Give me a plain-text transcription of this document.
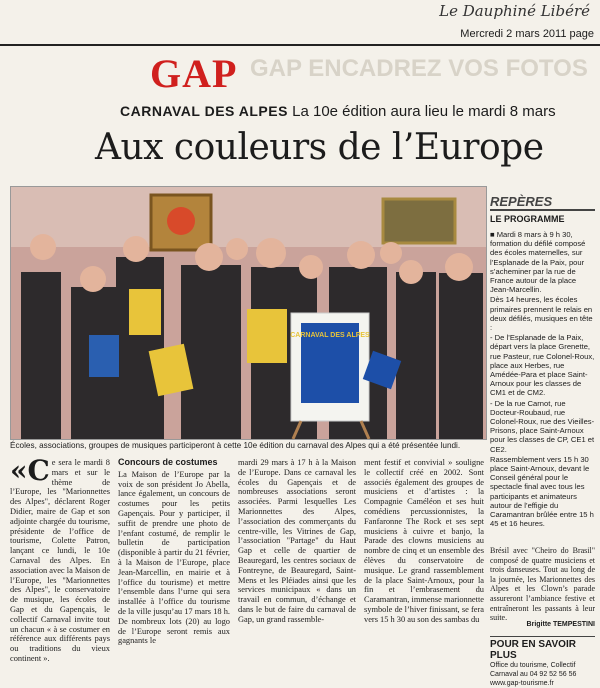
Le Dauphiné Libéré
Mercredi 2 mars 2011 page
GAP ENCADREZ VOS FOTOS
GAP
CARNAVAL DES ALPES La 10e édition aura lieu le mardi 8 mars
Aux couleurs de l’Europe
CARNAVAL DES ALPES
Écoles, associations, groupes de musiques participeront à cette 10e édition du carnaval des Alpes qui a été présentée lundi.

«Ce sera le mardi 8 mars et sur le thème de l’Europe, les "Marionnettes des Alpes", déclarent Roger Didier, maire de Gap et son adjointe chargée du tourisme, présidente de l’office de tourisme, Colette Patron, lançant ce lundi, le 10e Carnaval des Alpes. En association avec la Maison de l’Europe, les "Marionnettes des Alpes", le conservatoire de musique, les écoles de Gap et du Gapençais, le collectif Carnaval invite tout un chacun « à se costumer en référence aux différents pays ou traditions du vieux continent ».

Concours de costumes

La Maison de l’Europe par la voix de son président Jo Abella, lance également, un concours de costumes pour les petits Gapençais. Pour y participer, il suffit de prendre une photo de l’enfant costumé, de remplir le bulletin de participation (disponible à partir du 21 février, à la Maison de l’Europe, place Jean-Marcellin, en mairie et à l’office du tourisme) et mettre l’ensemble dans l’urne qui sera installée à l’office du tourisme de la ville jusqu’au 17 mars 18 h. De nombreux lots (20) au logo de l’Europe seront remis aux gagnants le

mardi 29 mars à 17 h à la Maison de l’Europe. Dans ce carnaval les écoles du Gapençais et de nombreuses associations seront associées. Parmi lesquelles Les Marionnettes des Alpes, l’association des commerçants du centre-ville, les Vitrines de Gap, l’association "Partage" du Haut Gap et celle de quartier de Beauregard, les centres sociaux de Fontreyne, de Beauregard, Saint-Mens et les Pléiades ainsi que les services municipaux « dans un travail en commun, d’échange et dans le but de faire du carnaval de Gap, un grand rassemble-

ment festif et convivial » souligne le collectif créé en 2002. Sont associés également des groupes de musiciens et d’artistes : la Compagnie Caméléon et ses huit comédiens percussionnistes, la Fanfaronne The Rock et ses sept musiciens à cuivre et banjo, la Parade des clowns musiciens au nombre de cinq et un ensemble des élèves du conservatoire de musique. Le grand rassemblement de la place Saint-Arnoux, pour la fin et l’embrasement du Caramantran, immense marionnette symbole de l’hiver finissant, se fera vers 15 h 30 au son des sambas du

REPÈRES
LE PROGRAMME

■ Mardi 8 mars à 9 h 30, formation du défilé composé des écoles maternelles, sur l’Esplanade de la Paix, pour s’acheminer par la rue de France autour de la place Jean-Marcellin.

Dès 14 heures, les écoles primaires prennent le relais en deux défilés, musiques en tête :

- De l’Esplanade de la Paix, départ vers la place Grenette, rue Pasteur, rue Colonel-Roux, place aux Herbes, rue Amédée-Para et place Saint-Arnoux pour les classes de CM1 et de CM2.

- De la rue Carnot, rue Docteur-Roubaud, rue Colonel-Roux, rue des Vieilles-Prisons, place Saint-Arnoux pour les classes de CP, CE1 et CE2.

Rassemblement vers 15 h 30 place Saint-Arnoux, devant le Conseil général pour le spectacle final avec tous les participants et animateurs autour de l’effigie du Caramantran brûlée entre 15 h 45 et 16 heures.

Brésil avec "Cheiro do Brasil" composé de quatre musiciens et trois danseuses. Tout au long de la journée, les Marionnettes des Alpes et les Clown’s parade assureront l’ambiance festive et entraîneront les passants à leur suite.
Brigitte TEMPESTINI
POUR EN SAVOIR PLUS
Office du tourisme, Collectif Carnaval au 04 92 52 56 56 www.gap-tourisme.fr
